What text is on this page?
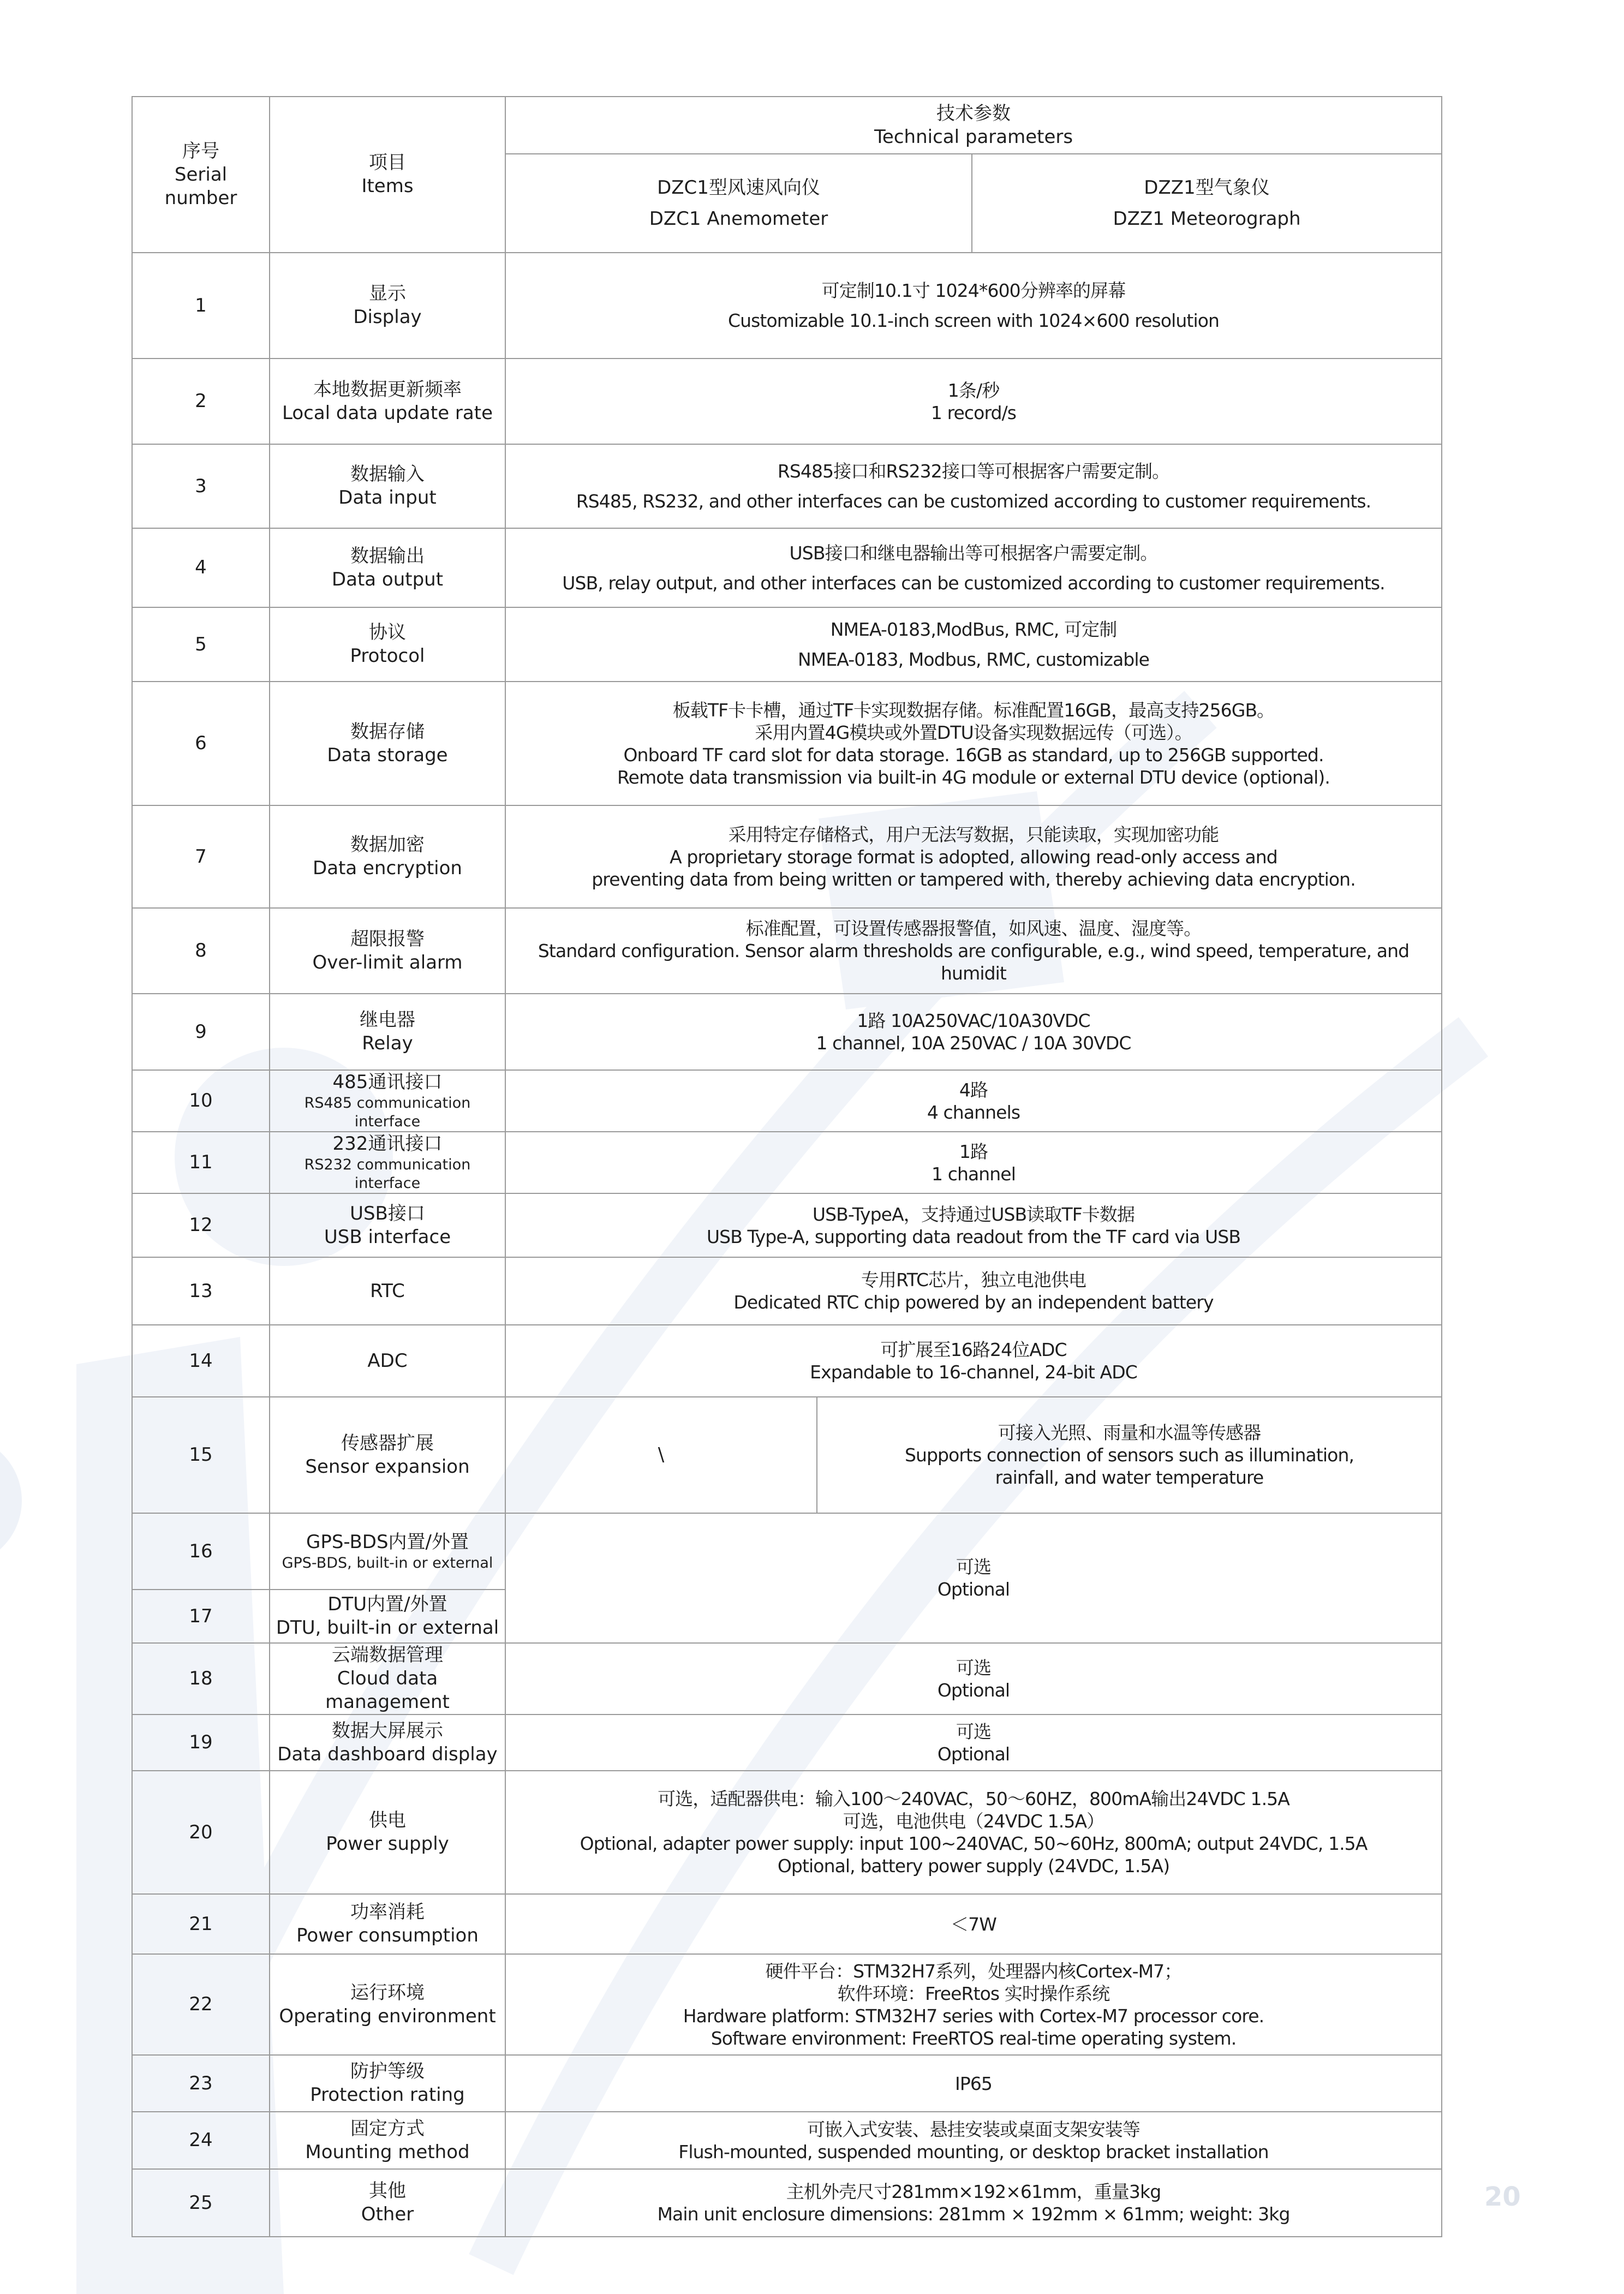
序号
Serial number	项目
Items	技术参数
Technical parameters		

		DZC1型风速风向仪
DZC1 Anemometer		DZZ1型气象仪
DZZ1 Meteorograph

1	显示
Display	可定制10.1寸 1024*600分辨率的屏幕
Customizable 10.1-inch screen with 1024×600 resolution		

2	本地数据更新频率
Local data update rate	1条/秒
1 record/s		

3	数据输入
Data input	RS485接口和RS232接口等可根据客户需要定制。
RS485, RS232, and other interfaces can be customized according to customer requirements.		

4	数据输出
Data output	USB接口和继电器输出等可根据客户需要定制。
USB, relay output, and other interfaces can be customized according to customer requirements.		

5	协议
Protocol	NMEA-0183,ModBus, RMC, 可定制
NMEA-0183, Modbus, RMC, customizable		

6	数据存储
Data storage	板载TF卡卡槽，通过TF卡实现数据存储。标准配置16GB，最高支持256GB。
采用内置4G模块或外置DTU设备实现数据远传（可选）。
Onboard TF card slot for data storage. 16GB as standard, up to 256GB supported.
Remote data transmission via built-in 4G module or external DTU device (optional).		

7	数据加密
Data encryption	采用特定存储格式，用户无法写数据，只能读取，实现加密功能
A proprietary storage format is adopted, allowing read-only access and
preventing data from being written or tampered with, thereby achieving data encryption.		

8	超限报警
Over-limit alarm	标准配置，可设置传感器报警值，如风速、温度、湿度等。
Standard configuration. Sensor alarm thresholds are configurable, e.g., wind speed, temperature, and humidit		

9	继电器
Relay	1路 10A250VAC/10A30VDC
1 channel, 10A 250VAC / 10A 30VDC		

10	485通讯接口
RS485 communication interface	4路
4 channels		

11	232通讯接口
RS232 communication interface	1路
1 channel		

12	USB接口
USB interface	USB-TypeA，支持通过USB读取TF卡数据
USB Type-A, supporting data readout from the TF card via USB		

13	RTC	专用RTC芯片，独立电池供电
Dedicated RTC chip powered by an independent battery		

14	ADC	可扩展至16路24位ADC
Expandable to 16-channel, 24-bit ADC		

15	传感器扩展
Sensor expansion	\	可接入光照、雨量和水温等传感器
Supports connection of sensors such as illumination,
rainfall, and water temperature	

16	GPS-BDS内置/外置
GPS-BDS, built-in or external	可选
Optional		

17	DTU内置/外置
DTU, built-in or external			

18	云端数据管理
Cloud data management	可选
Optional		

19	数据大屏展示
Data dashboard display	可选
Optional		

20	供电
Power supply	可选，适配器供电：输入100～240VAC，50～60HZ，800mA输出24VDC 1.5A
可选，电池供电（24VDC 1.5A）
Optional, adapter power supply: input 100~240VAC, 50~60Hz, 800mA; output 24VDC, 1.5A
Optional, battery power supply (24VDC, 1.5A)		

21	功率消耗
Power consumption	＜7W		

22	运行环境
Operating environment	硬件平台：STM32H7系列，处理器内核Cortex-M7；
软件环境：FreeRtos 实时操作系统
Hardware platform: STM32H7 series with Cortex-M7 processor core.
Software environment: FreeRTOS real-time operating system.		

23	防护等级
Protection rating	IP65		

24	固定方式
Mounting method	可嵌入式安装、悬挂安装或桌面支架安装等
Flush-mounted, suspended mounting, or desktop bracket installation		

25	其他
Other	主机外壳尺寸281mm×192×61mm，重量3kg
Main unit enclosure dimensions: 281mm × 192mm × 61mm; weight: 3kg		
20
